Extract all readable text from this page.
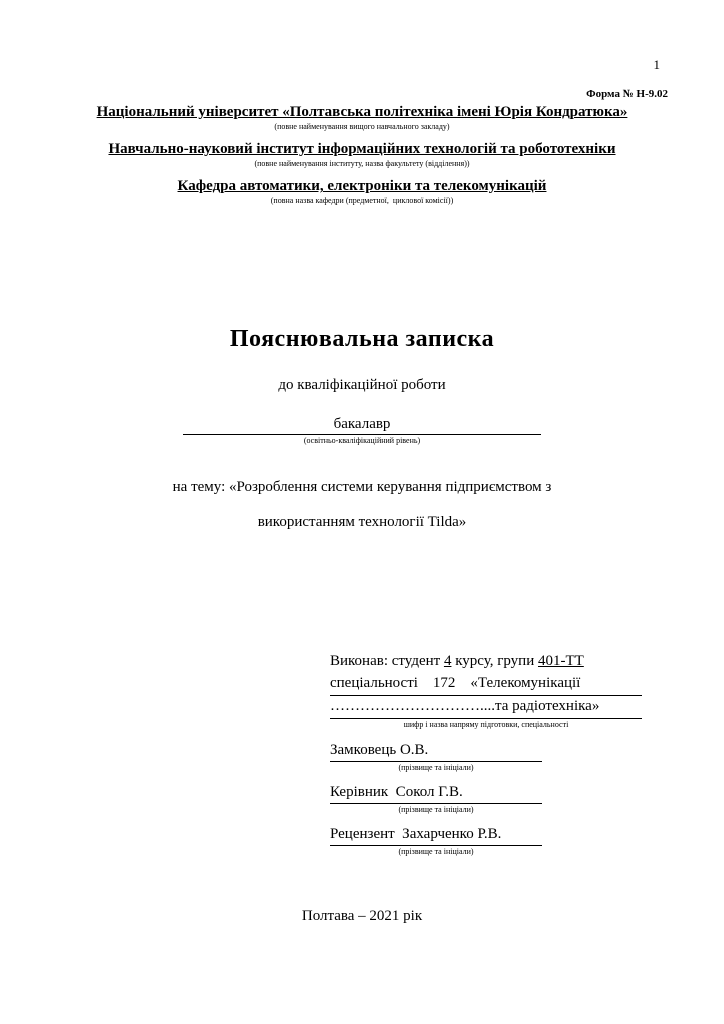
1
Форма № Н-9.02
Національний університет «Полтавська політехніка імені Юрія Кондратюка»
(повне найменування вищого навчального закладу)
Навчально-науковий інститут інформаційних технологій та робототехніки
(повне найменування інституту, назва факультету (відділення))
Кафедра автоматики, електроніки та телекомунікацій
(повна назва кафедри (предметної,  циклової комісії))
Пояснювальна записка
до кваліфікаційної роботи
бакалавр
(освітньо-кваліфікаційний рівень)
на тему: «Розроблення системи керування підприємством з
використанням технології Tilda»
Виконав: студент 4 курсу, групи 401-ТТ
спеціальності    172    «Телекомунікації
…………………………....та радіотехніка»
шифр і назва напряму підготовки, спеціальності
Замковець О.В.
(прізвище та ініціали)
Керівник  Сокол Г.В.
(прізвище та ініціали)
Рецензент  Захарченко Р.В.
(прізвище та ініціали)
Полтава – 2021 рік
